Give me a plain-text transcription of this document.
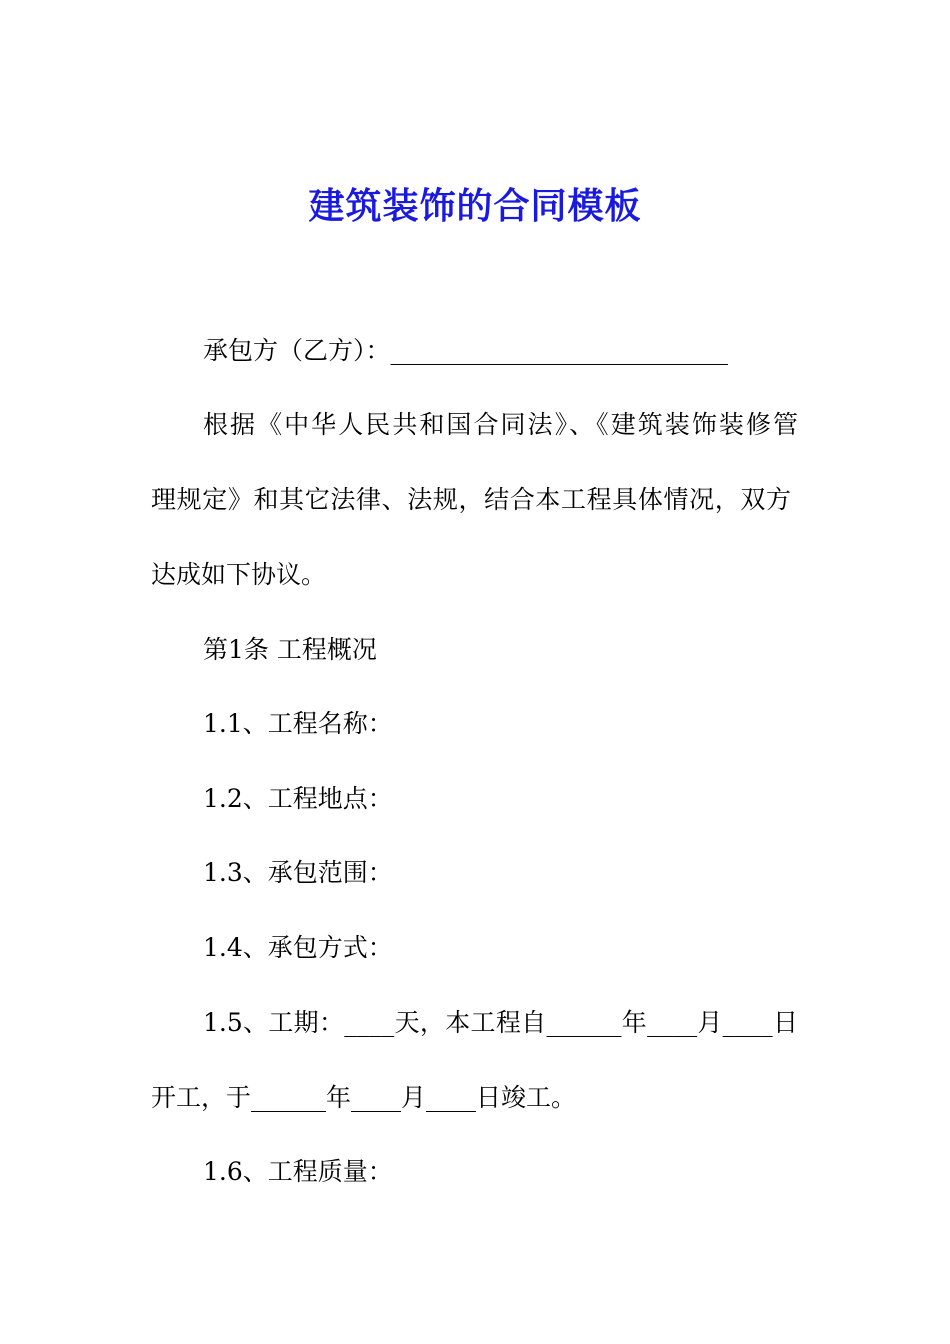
建筑装饰的合同模板

承包方（乙方）：___________________________

根据《中华人民共和国合同法》、《建筑装饰装修管

理规定》和其它法律、法规，结合本工程具体情况，双方

达成如下协议。

第1条 工程概况

1.1、工程名称：

1.2、工程地点：

1.3、承包范围：

1.4、承包方式：

1.5、工期：____天，本工程自______年____月____日

开工，于______年____月____日竣工。

1.6、工程质量：
